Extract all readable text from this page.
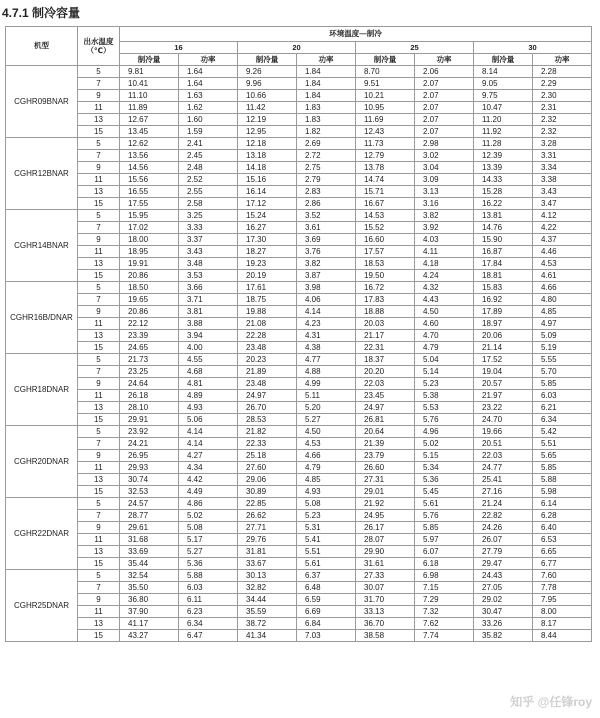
4.7.1 制冷容量
机型	出水温度（℃）	环境温度—制冷							
		16		20		25		30	
		制冷量	功率	制冷量	功率	制冷量	功率	制冷量	功率
CGHR09BNAR	5	9.81	1.64	9.26	1.84	8.70	2.06	8.14	2.28
	7	10.41	1.64	9.96	1.84	9.51	2.07	9.05	2.29
	9	11.10	1.63	10.66	1.84	10.21	2.07	9.75	2.30
	11	11.89	1.62	11.42	1.83	10.95	2.07	10.47	2.31
	13	12.67	1.60	12.19	1.83	11.69	2.07	11.20	2.32
	15	13.45	1.59	12.95	1.82	12.43	2.07	11.92	2.32
CGHR12BNAR	5	12.62	2.41	12.18	2.69	11.73	2.98	11.28	3.28
	7	13.56	2.45	13.18	2.72	12.79	3.02	12.39	3.31
	9	14.56	2.48	14.18	2.75	13.78	3.04	13.39	3.34
	11	15.56	2.52	15.16	2.79	14.74	3.09	14.33	3.38
	13	16.55	2.55	16.14	2.83	15.71	3.13	15.28	3.43
	15	17.55	2.58	17.12	2.86	16.67	3.16	16.22	3.47
CGHR14BNAR	5	15.95	3.25	15.24	3.52	14.53	3.82	13.81	4.12
	7	17.02	3.33	16.27	3.61	15.52	3.92	14.76	4.22
	9	18.00	3.37	17.30	3.69	16.60	4.03	15.90	4.37
	11	18.95	3.43	18.27	3.76	17.57	4.11	16.87	4.46
	13	19.91	3.48	19.23	3.82	18.53	4.18	17.84	4.53
	15	20.86	3.53	20.19	3.87	19.50	4.24	18.81	4.61
CGHR16B/DNAR	5	18.50	3.66	17.61	3.98	16.72	4.32	15.83	4.66
	7	19.65	3.71	18.75	4.06	17.83	4.43	16.92	4.80
	9	20.86	3.81	19.88	4.14	18.88	4.50	17.89	4.85
	11	22.12	3.88	21.08	4.23	20.03	4.60	18.97	4.97
	13	23.39	3.94	22.28	4.31	21.17	4.70	20.06	5.09
	15	24.65	4.00	23.48	4.38	22.31	4.79	21.14	5.19
CGHR18DNAR	5	21.73	4.55	20.23	4.77	18.37	5.04	17.52	5.55
	7	23.25	4.68	21.89	4.88	20.20	5.14	19.04	5.70
	9	24.64	4.81	23.48	4.99	22.03	5.23	20.57	5.85
	11	26.18	4.89	24.97	5.11	23.45	5.38	21.97	6.03
	13	28.10	4.93	26.70	5.20	24.97	5.53	23.22	6.21
	15	29.91	5.06	28.53	5.27	26.81	5.76	24.70	6.34
CGHR20DNAR	5	23.92	4.14	21.82	4.50	20.64	4.96	19.66	5.42
	7	24.21	4.14	22.33	4.53	21.39	5.02	20.51	5.51
	9	26.95	4.27	25.18	4.66	23.79	5.15	22.03	5.65
	11	29.93	4.34	27.60	4.79	26.60	5.34	24.77	5.85
	13	30.74	4.42	29.06	4.85	27.31	5.36	25.41	5.88
	15	32.53	4.49	30.89	4.93	29.01	5.45	27.16	5.98
CGHR22DNAR	5	24.57	4.86	22.85	5.08	21.92	5.61	21.24	6.14
	7	28.77	5.02	26.62	5.23	24.95	5.76	22.82	6.28
	9	29.61	5.08	27.71	5.31	26.17	5.85	24.26	6.40
	11	31.68	5.17	29.76	5.41	28.07	5.97	26.07	6.53
	13	33.69	5.27	31.81	5.51	29.90	6.07	27.79	6.65
	15	35.44	5.36	33.67	5.61	31.61	6.18	29.47	6.77
CGHR25DNAR	5	32.54	5.88	30.13	6.37	27.33	6.98	24.43	7.60
	7	35.50	6.03	32.82	6.48	30.07	7.15	27.05	7.78
	9	36.80	6.11	34.44	6.59	31.70	7.29	29.02	7.95
	11	37.90	6.23	35.59	6.69	33.13	7.32	30.47	8.00
	13	41.17	6.34	38.72	6.84	36.70	7.62	33.26	8.17
	15	43.27	6.47	41.34	7.03	38.58	7.74	35.82	8.44
知乎 @任锋roy
